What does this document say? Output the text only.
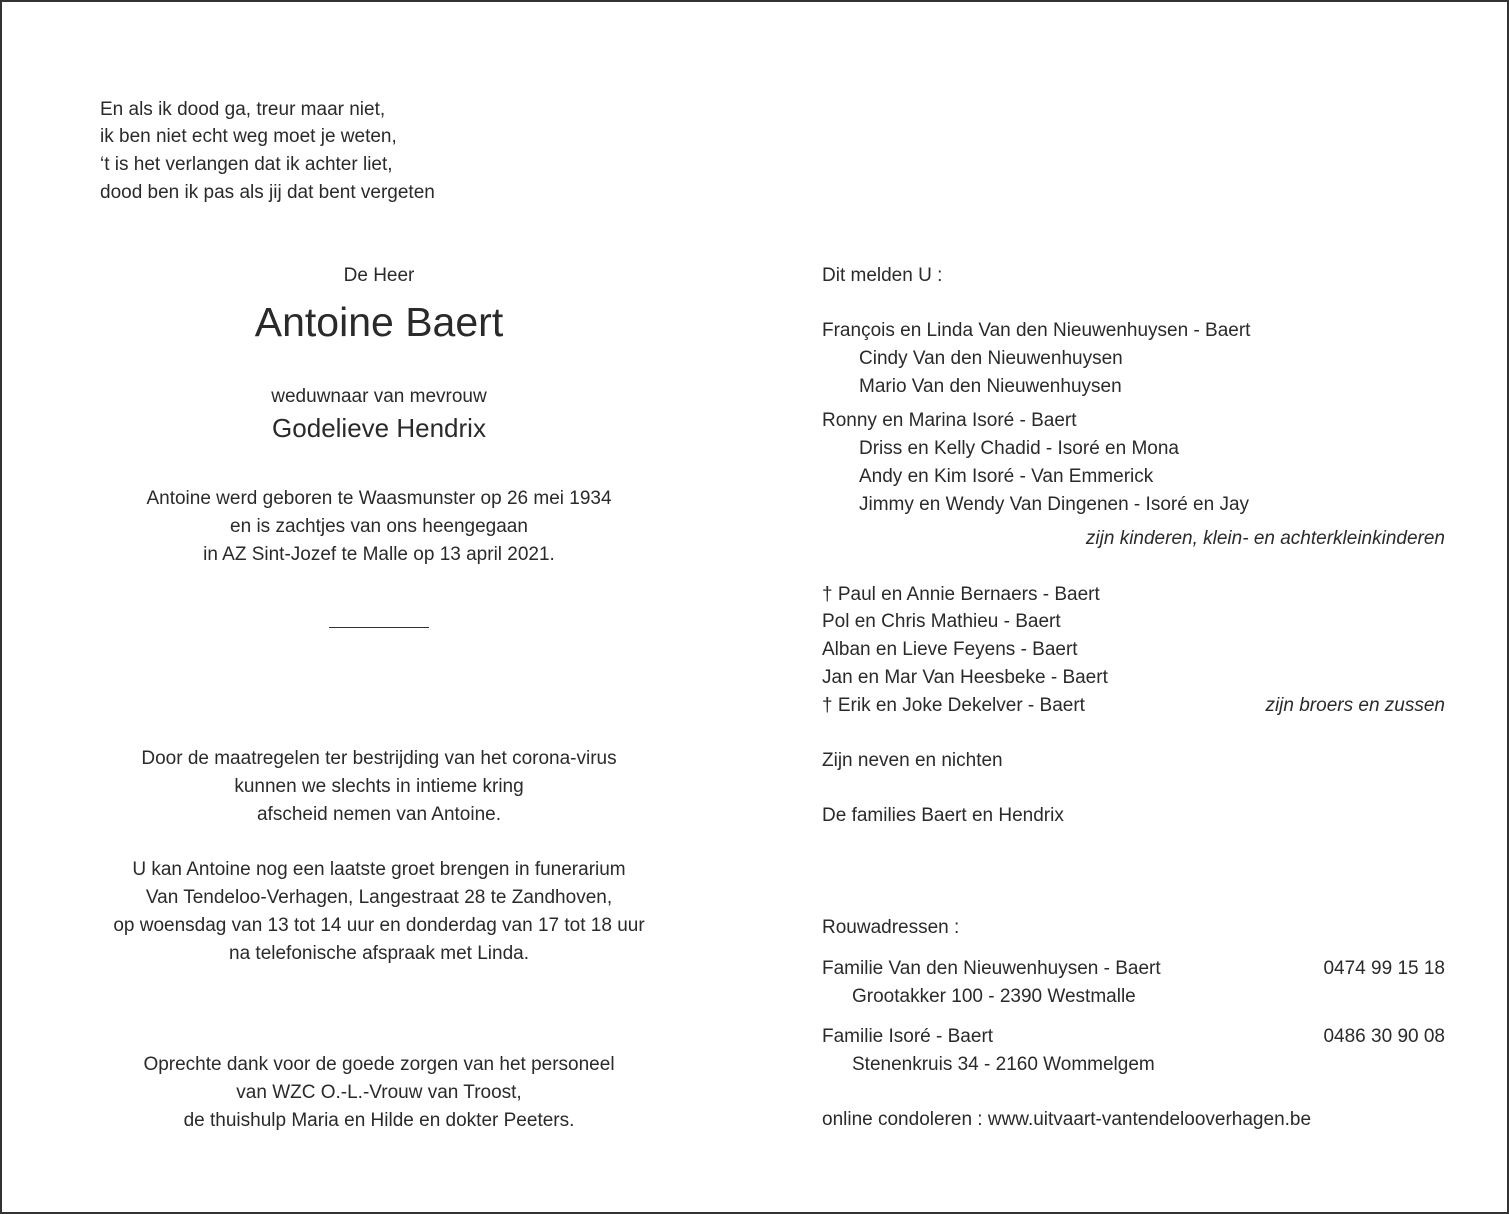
En als ik dood ga, treur maar niet,
ik ben niet echt weg moet je weten,
‘t is het verlangen dat ik achter liet,
dood ben ik pas als jij dat bent vergeten
De Heer
Antoine Baert
weduwnaar van mevrouw
Godelieve Hendrix
Antoine werd geboren te Waasmunster op 26 mei 1934
en is zachtjes van ons heengegaan
in AZ Sint-Jozef te Malle op 13 april 2021.
Door de maatregelen ter bestrijding van het corona-virus
kunnen we slechts in intieme kring
afscheid nemen van Antoine.
U kan Antoine nog een laatste groet brengen in funerarium
Van Tendeloo-Verhagen, Langestraat 28 te Zandhoven,
op woensdag van 13 tot 14 uur en donderdag van 17 tot 18 uur
na telefonische afspraak met Linda.
Oprechte dank voor de goede zorgen van het personeel
van WZC O.-L.-Vrouw van Troost,
de thuishulp Maria en Hilde en dokter Peeters.
Dit melden U :
François en Linda Van den Nieuwenhuysen - Baert
Cindy Van den Nieuwenhuysen
Mario Van den Nieuwenhuysen
Ronny en Marina Isoré - Baert
Driss en Kelly Chadid - Isoré en Mona
Andy en Kim Isoré - Van Emmerick
Jimmy en Wendy Van Dingenen - Isoré en Jay
zijn kinderen, klein- en achterkleinkinderen
† Paul en Annie Bernaers - Baert
Pol en Chris Mathieu - Baert
Alban en Lieve Feyens - Baert
Jan en Mar Van Heesbeke - Baert
† Erik en Joke Dekelver - Baert	zijn broers en zussen
Zijn neven en nichten
De families Baert en Hendrix
Rouwadressen :
Familie Van den Nieuwenhuysen - Baert	0474 99 15 18
Grootakker 100 - 2390 Westmalle
Familie Isoré - Baert	0486 30 90 08
Stenenkruis 34 - 2160 Wommelgem
online condoleren : www.uitvaart-vantendelooverhagen.be
